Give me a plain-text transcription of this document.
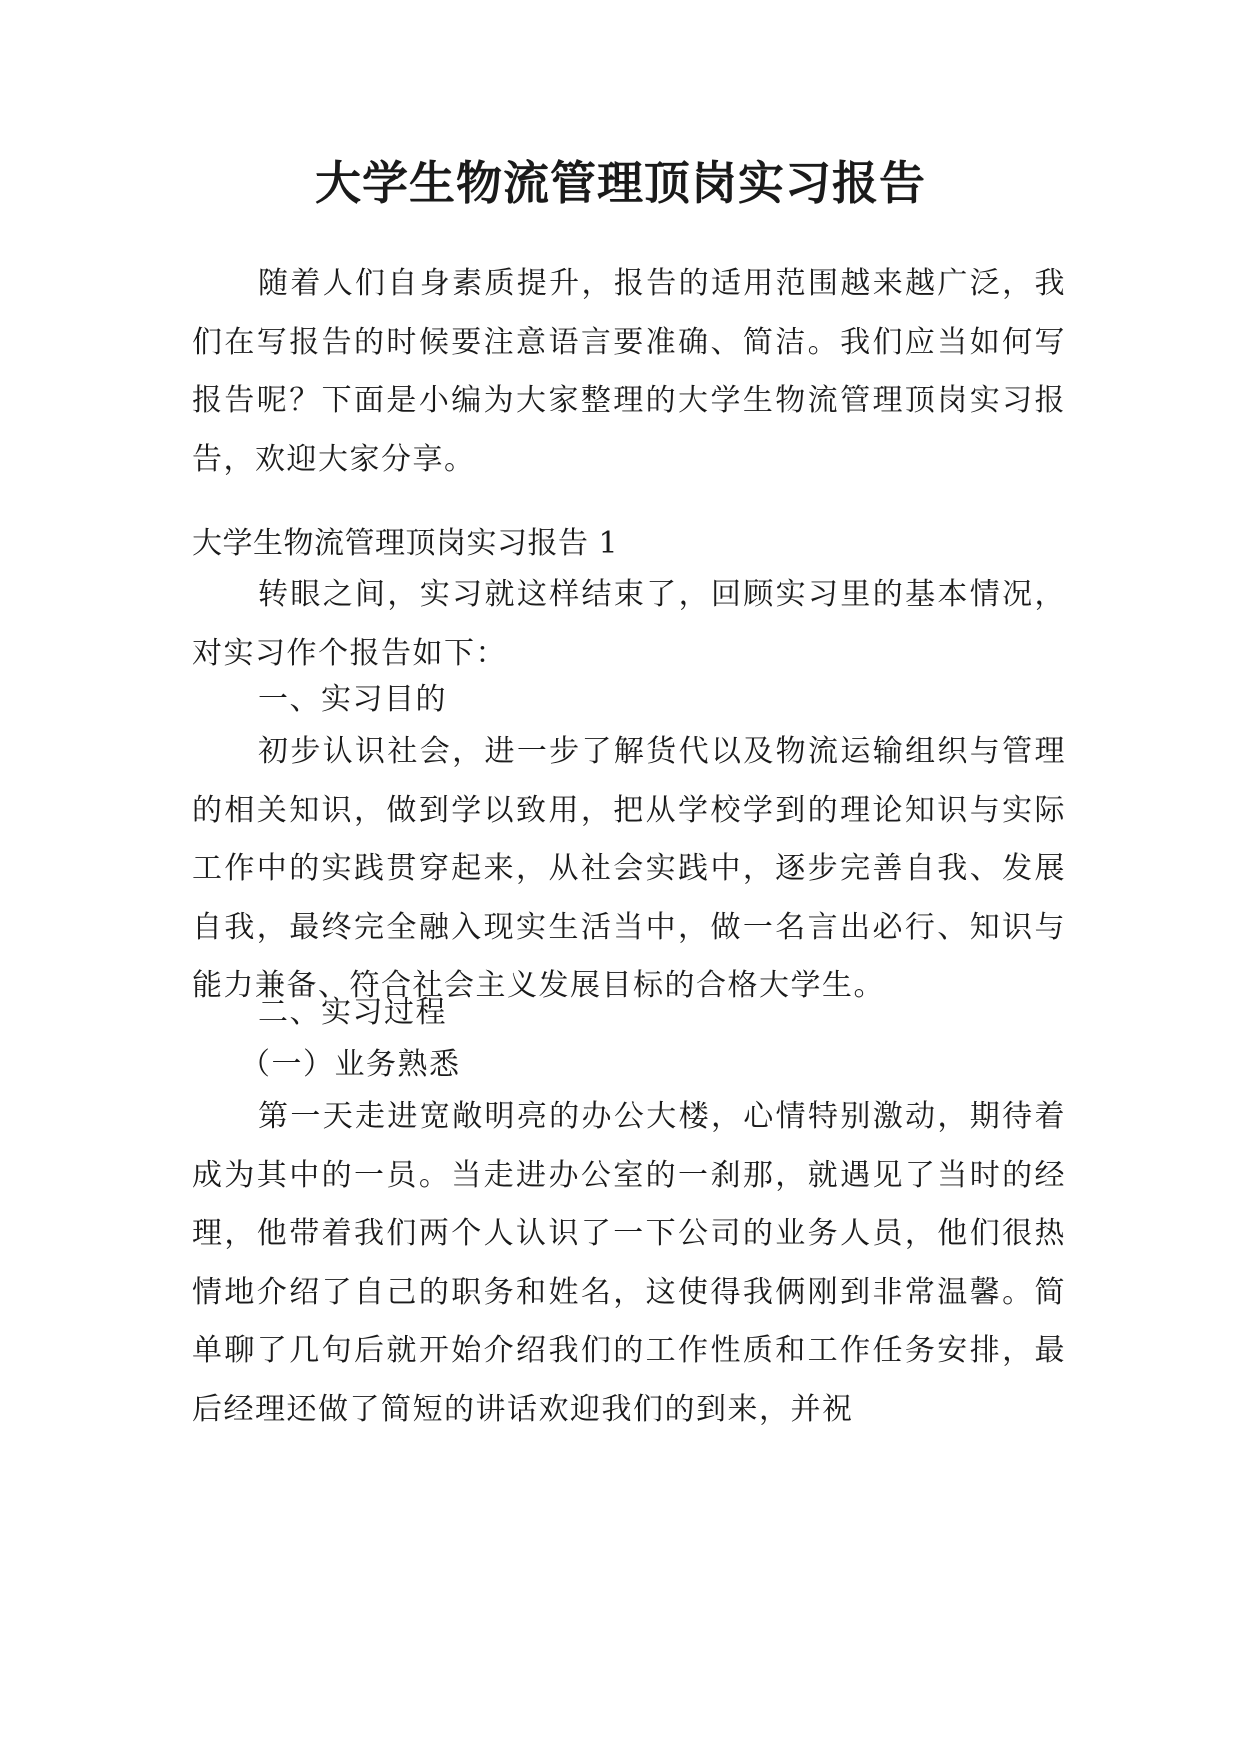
大学生物流管理顶岗实习报告

随着人们自身素质提升，报告的适用范围越来越广泛，我们在写报告的时候要注意语言要准确、简洁。我们应当如何写报告呢？下面是小编为大家整理的大学生物流管理顶岗实习报告，欢迎大家分享。

大学生物流管理顶岗实习报告 1

转眼之间，实习就这样结束了，回顾实习里的基本情况，对实习作个报告如下：

一、实习目的

初步认识社会，进一步了解货代以及物流运输组织与管理的相关知识，做到学以致用，把从学校学到的理论知识与实际工作中的实践贯穿起来，从社会实践中，逐步完善自我、发展自我，最终完全融入现实生活当中，做一名言出必行、知识与能力兼备、符合社会主义发展目标的合格大学生。

二、实习过程

（一）业务熟悉

第一天走进宽敞明亮的办公大楼，心情特别激动，期待着成为其中的一员。当走进办公室的一刹那，就遇见了当时的经理，他带着我们两个人认识了一下公司的业务人员，他们很热情地介绍了自己的职务和姓名，这使得我俩刚到非常温馨。简单聊了几句后就开始介绍我们的工作性质和工作任务安排，最后经理还做了简短的讲话欢迎我们的到来，并祝
